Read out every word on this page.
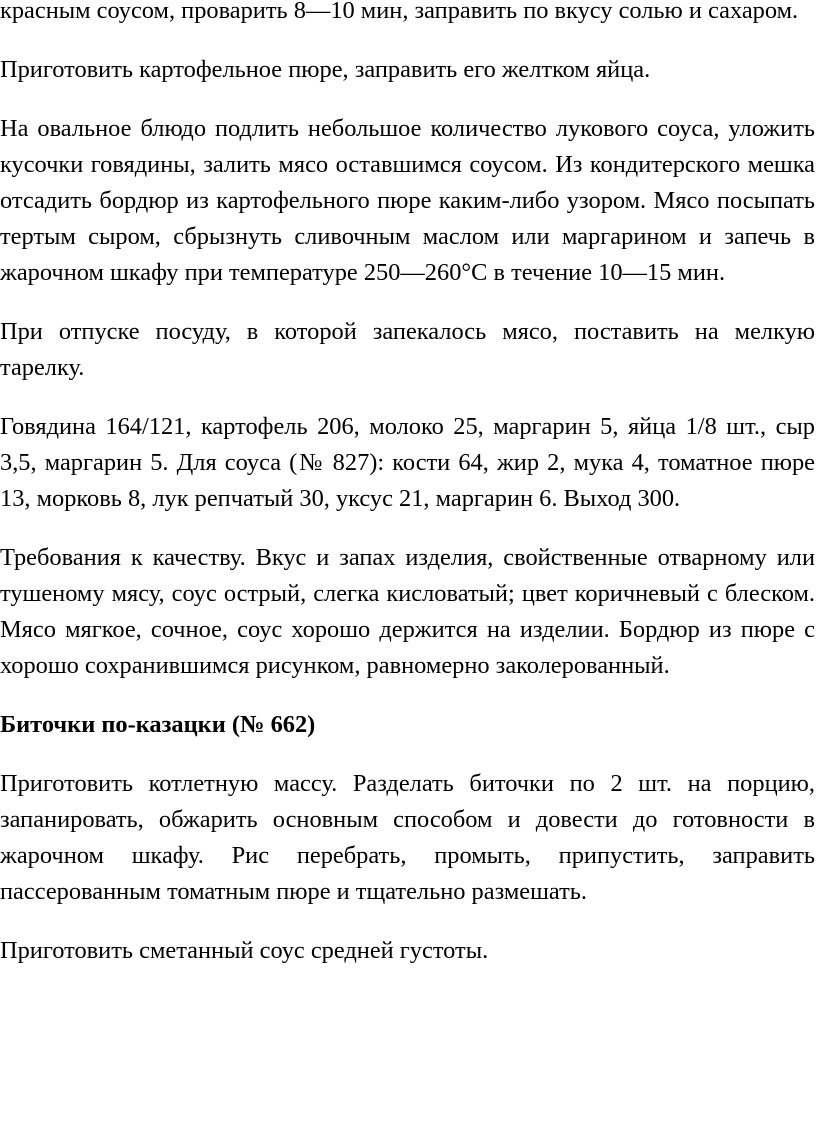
красным соусом, проварить 8—10 мин, заправить по вкусу солью и сахаром.

Приготовить картофельное пюре, заправить его желтком яйца.

На овальное блюдо подлить небольшое количество лукового соуса, уложить кусочки говядины, залить мясо оставшимся соусом. Из кондитерского мешка отсадить бордюр из картофельного пюре каким-либо узором. Мясо посыпать тертым сыром, сбрызнуть сливочным маслом или маргарином и запечь в жарочном шкафу при температуре 250—260°С в течение 10—15 мин.

При отпуске посуду, в которой запекалось мясо, поставить на мелкую тарелку.

Говядина 164/121, картофель 206, молоко 25, маргарин 5, яйца 1/8 шт., сыр 3,5, маргарин 5. Для соуса (№ 827): кости 64, жир 2, мука 4, томатное пюре 13, морковь 8, лук репчатый 30, уксус 21, маргарин 6. Выход 300.

Требования к качеству. Вкус и запах изделия, свойственные отварному или тушеному мясу, соус острый, слегка кисловатый; цвет коричневый с блеском. Мясо мягкое, сочное, соус хорошо держится на изделии. Бордюр из пюре с хорошо сохранившимся рисунком, равномерно заколерованный.

Биточки по-казацки (№ 662)

Приготовить котлетную массу. Разделать биточки по 2 шт. на порцию, запанировать, обжарить основным способом и довести до готовности в жарочном шкафу. Рис перебрать, промыть, припустить, заправить пассерованным томатным пюре и тщательно размешать.

Приготовить сметанный соус средней густоты.
